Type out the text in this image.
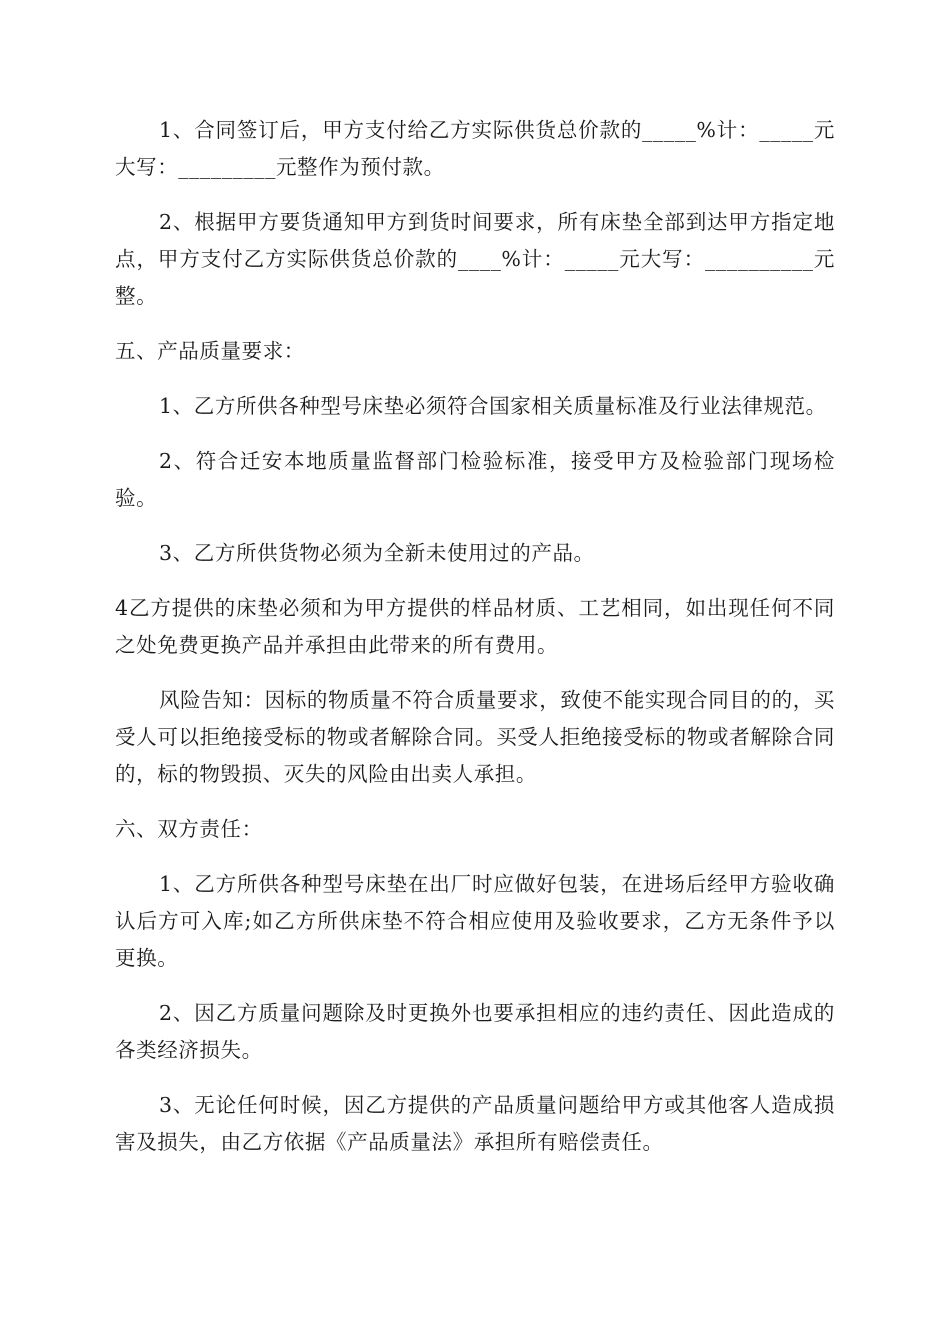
1、合同签订后，甲方支付给乙方实际供货总价款的_____%计：_____元大写：_________元整作为预付款。

2、根据甲方要货通知甲方到货时间要求，所有床垫全部到达甲方指定地点，甲方支付乙方实际供货总价款的____%计：_____元大写：__________元整。

五、产品质量要求：

1、乙方所供各种型号床垫必须符合国家相关质量标准及行业法律规范。

2、符合迁安本地质量监督部门检验标准，接受甲方及检验部门现场检验。

3、乙方所供货物必须为全新未使用过的产品。

4乙方提供的床垫必须和为甲方提供的样品材质、工艺相同，如出现任何不同之处免费更换产品并承担由此带来的所有费用。

风险告知：因标的物质量不符合质量要求，致使不能实现合同目的的，买受人可以拒绝接受标的物或者解除合同。买受人拒绝接受标的物或者解除合同的，标的物毁损、灭失的风险由出卖人承担。

六、双方责任：

1、乙方所供各种型号床垫在出厂时应做好包装，在进场后经甲方验收确认后方可入库;如乙方所供床垫不符合相应使用及验收要求，乙方无条件予以更换。

2、因乙方质量问题除及时更换外也要承担相应的违约责任、因此造成的各类经济损失。

3、无论任何时候，因乙方提供的产品质量问题给甲方或其他客人造成损害及损失，由乙方依据《产品质量法》承担所有赔偿责任。
